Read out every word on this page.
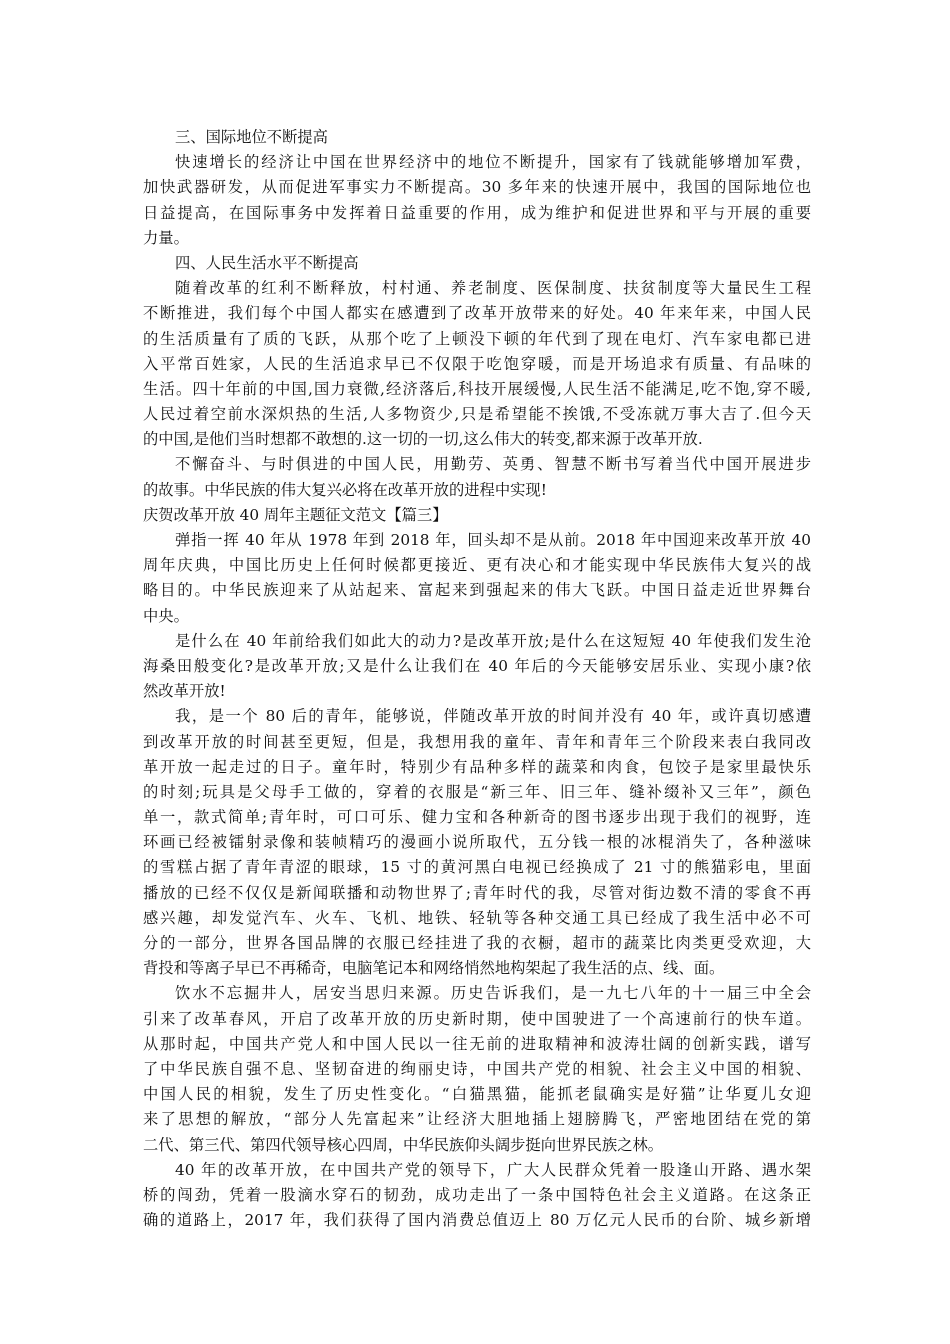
三、国际地位不断提高
快速增长的经济让中国在世界经济中的地位不断提升，国家有了钱就能够增加军费，
加快武器研发，从而促进军事实力不断提高。30 多年来的快速开展中，我国的国际地位也
日益提高，在国际事务中发挥着日益重要的作用，成为维护和促进世界和平与开展的重要
力量。
四、人民生活水平不断提高
随着改革的红利不断释放，村村通、养老制度、医保制度、扶贫制度等大量民生工程
不断推进，我们每个中国人都实在感遭到了改革开放带来的好处。40 年来年来，中国人民
的生活质量有了质的飞跃，从那个吃了上顿没下顿的年代到了现在电灯、汽车家电都已进
入平常百姓家，人民的生活追求早已不仅限于吃饱穿暖，而是开场追求有质量、有品味的
生活。四十年前的中国,国力衰微,经济落后,科技开展缓慢,人民生活不能满足,吃不饱,穿不暖,
人民过着空前水深炽热的生活,人多物资少,只是希望能不挨饿,不受冻就万事大吉了.但今天
的中国,是他们当时想都不敢想的.这一切的一切,这么伟大的转变,都来源于改革开放.
不懈奋斗、与时俱进的中国人民，用勤劳、英勇、智慧不断书写着当代中国开展进步
的故事。中华民族的伟大复兴必将在改革开放的进程中实现!
庆贺改革开放 40 周年主题征文范文【篇三】
弹指一挥 40 年从 1978 年到 2018 年，回头却不是从前。2018 年中国迎来改革开放 40
周年庆典，中国比历史上任何时候都更接近、更有决心和才能实现中华民族伟大复兴的战
略目的。中华民族迎来了从站起来、富起来到强起来的伟大飞跃。中国日益走近世界舞台
中央。
是什么在 40 年前给我们如此大的动力?是改革开放;是什么在这短短 40 年使我们发生沧
海桑田般变化?是改革开放;又是什么让我们在 40 年后的今天能够安居乐业、实现小康?依
然改革开放!
我，是一个 80 后的青年，能够说，伴随改革开放的时间并没有 40 年，或许真切感遭
到改革开放的时间甚至更短，但是，我想用我的童年、青年和青年三个阶段来表白我同改
革开放一起走过的日子。童年时，特别少有品种多样的蔬菜和肉食，包饺子是家里最快乐
的时刻;玩具是父母手工做的，穿着的衣服是“新三年、旧三年、缝补缀补又三年”，颜色
单一，款式简单;青年时，可口可乐、健力宝和各种新奇的图书逐步出现于我们的视野，连
环画已经被镭射录像和装帧精巧的漫画小说所取代，五分钱一根的冰棍消失了，各种滋味
的雪糕占据了青年青涩的眼球，15 寸的黄河黑白电视已经换成了 21 寸的熊猫彩电，里面
播放的已经不仅仅是新闻联播和动物世界了;青年时代的我，尽管对街边数不清的零食不再
感兴趣，却发觉汽车、火车、飞机、地铁、轻轨等各种交通工具已经成了我生活中必不可
分的一部分，世界各国品牌的衣服已经挂进了我的衣橱，超市的蔬菜比肉类更受欢迎，大
背投和等离子早已不再稀奇，电脑笔记本和网络悄然地构架起了我生活的点、线、面。
饮水不忘掘井人，居安当思归来源。历史告诉我们，是一九七八年的十一届三中全会
引来了改革春风，开启了改革开放的历史新时期，使中国驶进了一个高速前行的快车道。
从那时起，中国共产党人和中国人民以一往无前的进取精神和波涛壮阔的创新实践，谱写
了中华民族自强不息、坚韧奋进的绚丽史诗，中国共产党的相貌、社会主义中国的相貌、
中国人民的相貌，发生了历史性变化。“白猫黑猫，能抓老鼠确实是好猫”让华夏儿女迎
来了思想的解放，“部分人先富起来”让经济大胆地插上翅膀腾飞，严密地团结在党的第
二代、第三代、第四代领导核心四周，中华民族仰头阔步挺向世界民族之林。
40 年的改革开放，在中国共产党的领导下，广大人民群众凭着一股逢山开路、遇水架
桥的闯劲，凭着一股滴水穿石的韧劲，成功走出了一条中国特色社会主义道路。在这条正
确的道路上，2017 年，我们获得了国内消费总值迈上 80 万亿元人民币的台阶、城乡新增
